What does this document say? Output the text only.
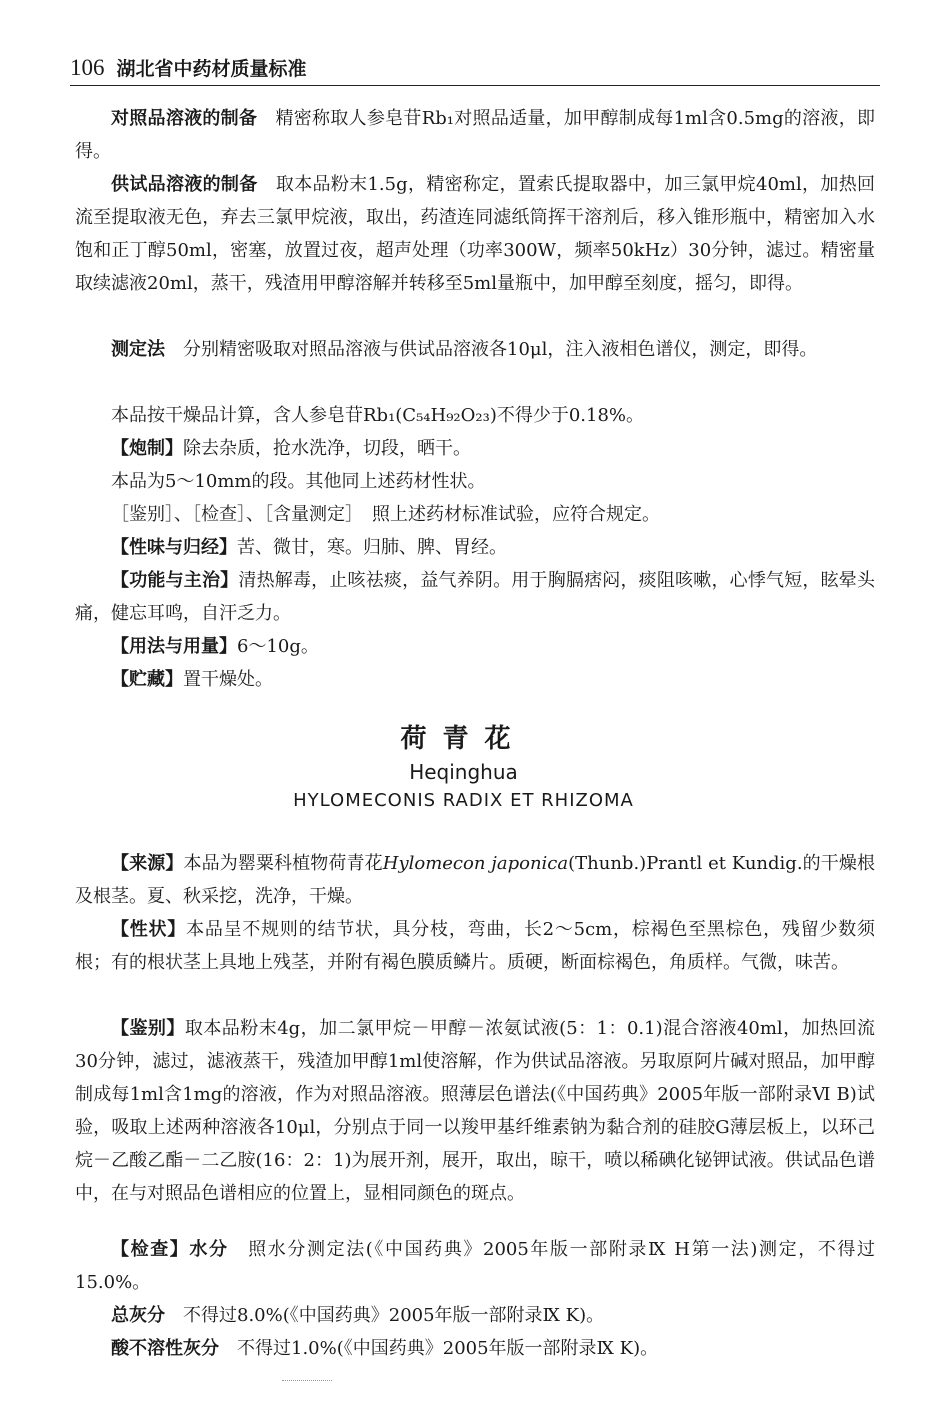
106 湖北省中药材质量标准
对照品溶液的制备 精密称取人参皂苷Rb₁对照品适量，加甲醇制成每1ml含0.5mg的溶液，即得。
供试品溶液的制备 取本品粉末1.5g，精密称定，置索氏提取器中，加三氯甲烷40ml，加热回流至提取液无色，弃去三氯甲烷液，取出，药渣连同滤纸筒挥干溶剂后，移入锥形瓶中，精密加入水饱和正丁醇50ml，密塞，放置过夜，超声处理（功率300W，频率50kHz）30分钟，滤过。精密量取续滤液20ml，蒸干，残渣用甲醇溶解并转移至5ml量瓶中，加甲醇至刻度，摇匀，即得。
测定法 分别精密吸取对照品溶液与供试品溶液各10μl，注入液相色谱仪，测定，即得。
本品按干燥品计算，含人参皂苷Rb₁(C₅₄H₉₂O₂₃)不得少于0.18%。
【炮制】除去杂质，抢水洗净，切段，晒干。
本品为5～10mm的段。其他同上述药材性状。
［鉴别］、［检查］、［含量测定］　照上述药材标准试验，应符合规定。
【性味与归经】苦、微甘，寒。归肺、脾、胃经。
【功能与主治】清热解毒，止咳祛痰，益气养阴。用于胸膈痞闷，痰阻咳嗽，心悸气短，眩晕头痛，健忘耳鸣，自汗乏力。
【用法与用量】6～10g。
【贮藏】置干燥处。
荷青花
Heqinghua
HYLOMECONIS RADIX ET RHIZOMA
【来源】本品为罂粟科植物荷青花Hylomecon japonica(Thunb.)Prantl et Kundig.的干燥根及根茎。夏、秋采挖，洗净，干燥。
【性状】本品呈不规则的结节状，具分枝，弯曲，长2～5cm，棕褐色至黑棕色，残留少数须根；有的根状茎上具地上残茎，并附有褐色膜质鳞片。质硬，断面棕褐色，角质样。气微，味苦。
【鉴别】取本品粉末4g，加二氯甲烷－甲醇－浓氨试液(5：1：0.1)混合溶液40ml，加热回流30分钟，滤过，滤液蒸干，残渣加甲醇1ml使溶解，作为供试品溶液。另取原阿片碱对照品，加甲醇制成每1ml含1mg的溶液，作为对照品溶液。照薄层色谱法(《中国药典》2005年版一部附录Ⅵ B)试验，吸取上述两种溶液各10μl，分别点于同一以羧甲基纤维素钠为黏合剂的硅胶G薄层板上，以环己烷－乙酸乙酯－二乙胺(16：2：1)为展开剂，展开，取出，晾干，喷以稀碘化铋钾试液。供试品色谱中，在与对照品色谱相应的位置上，显相同颜色的斑点。
【检查】水分 照水分测定法(《中国药典》2005年版一部附录Ⅸ H第一法)测定，不得过15.0%。
总灰分 不得过8.0%(《中国药典》2005年版一部附录Ⅸ K)。
酸不溶性灰分 不得过1.0%(《中国药典》2005年版一部附录Ⅸ K)。
